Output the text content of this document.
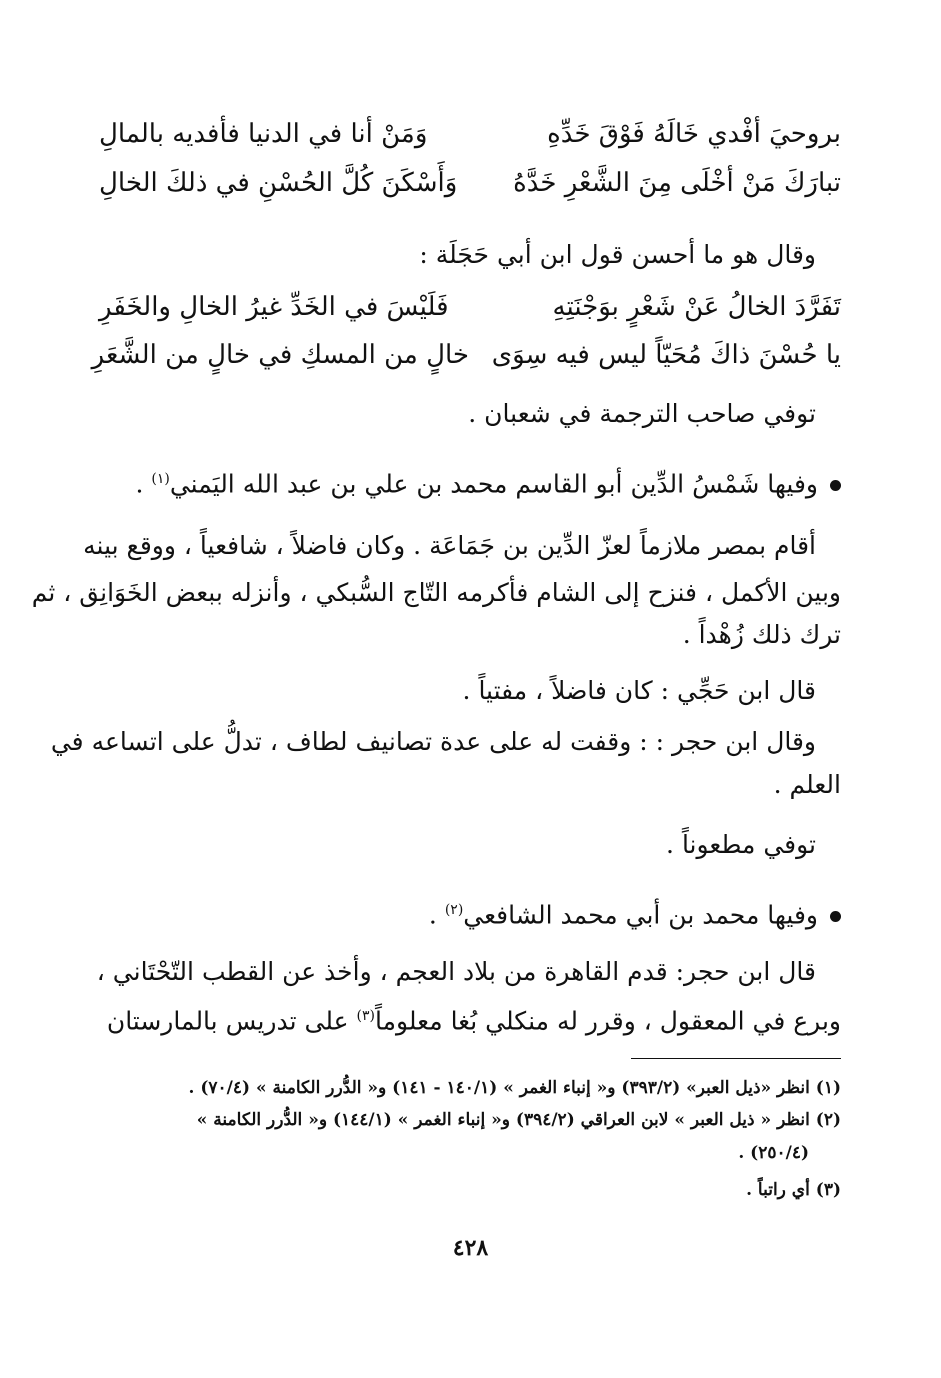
بروحيَ أفْدي خَالَهُ فَوْقَ خَدِّهِ
وَمَنْ أنا في الدنيا فأفديه بالمالِ
تبارَكَ مَنْ أخْلَى مِنَ الشَّعْرِ خَدَّهُ
وَأَسْكَنَ كُلَّ الحُسْنِ في ذلكَ الخالِ
وقال هو ما أحسن قول ابن أبي حَجَلَة :
تَفَرَّدَ الخالُ عَنْ شَعْرٍ بوَجْنَتِهِ
فَلَيْسَ في الخَدِّ غيرُ الخالِ والخَفَرِ
يا حُسْنَ ذاكَ مُحَيّاً ليس فيه سِوَى
خالٍ من المسكِ في خالٍ من الشَّعَرِ
توفي صاحب الترجمة في شعبان .
وفيها شَمْسُ الدِّين أبو القاسم محمد بن علي بن عبد الله اليَمني$^{(١)}$ .
أقام بمصر ملازماً لعزّ الدِّين بن جَمَاعَة . وكان فاضلاً ، شافعياً ، ووقع بينه
وبين الأكمل ، فنزح إلى الشام فأكرمه التّاج السُّبكي ، وأنزله ببعض الخَوَانِق ، ثم
ترك ذلك زُهْداً .
قال ابن حَجِّي : كان فاضلاً ، مفتياً .
وقال ابن حجر : : وقفت له على عدة تصانيف لطاف ، تدلُّ على اتساعه في
العلم .
توفي مطعوناً .
وفيها محمد بن أبي محمد الشافعي$^{(٢)}$ .
قال ابن حجر: قدم القاهرة من بلاد العجم ، وأخذ عن القطب التّحْتَاني ،
وبرع في المعقول ، وقرر له منكلي بُغا معلوماً$^{(٣)}$ على تدريس بالمارستان
(١) انظر «ذيل العبر» (٣٩٣/٢) و« إنباء الغمر » (١٤٠/١ - ١٤١) و« الدُّرر الكامنة » (٧٠/٤) .
(٢) انظر « ذيل العبر » لابن العراقي (٣٩٤/٢) و« إنباء الغمر » (١٤٤/١) و« الدُّرر الكامنة »
(٢٥٠/٤) .
(٣) أي راتباً .
٤٢٨
